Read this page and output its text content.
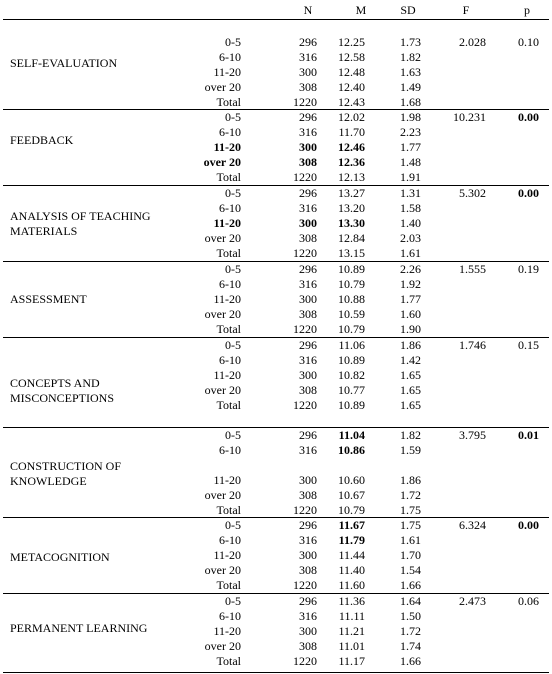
N	M	SD	F	p
SELF-EVALUATION
0-5	296 12.25	1.73	2.028	0.10
6-10	316 12.58	1.82
11-20	300 12.48	1.63
over 20	308 12.40	1.49
Total	1220 12.43	1.68
FEEDBACK
0-5	296 12.02	1.98	10.231	0.00
6-10	316 11.70	2.23
11-20	300 12.46	1.77
over 20	308 12.36	1.48
Total	1220 12.13	1.91
ANALYSIS OF TEACHING MATERIALS
0-5	296 13.27	1.31	5.302	0.00
6-10	316 13.20	1.58
11-20	300 13.30	1.40
over 20	308 12.84	2.03
Total	1220 13.15	1.61
ASSESSMENT
0-5	296 10.89	2.26	1.555	0.19
6-10	316 10.79	1.92
11-20	300 10.88	1.77
over 20	308 10.59	1.60
Total	1220 10.79	1.90
CONCEPTS AND MISCONCEPTIONS
0-5	296 11.06	1.86	1.746	0.15
6-10	316 10.89	1.42
11-20	300 10.82	1.65
over 20	308 10.77	1.65
Total	1220 10.89	1.65
CONSTRUCTION OF KNOWLEDGE
0-5	296 11.04	1.82	3.795	0.01
6-10	316 10.86	1.59
11-20	300 10.60	1.86
over 20	308 10.67	1.72
Total	1220 10.79	1.75
METACOGNITION
0-5	296 11.67	1.75	6.324	0.00
6-10	316 11.79	1.61
11-20	300 11.44	1.70
over 20	308 11.40	1.54
Total	1220 11.60	1.66
PERMANENT LEARNING
0-5	296 11.36	1.64	2.473	0.06
6-10	316 11.11	1.50
11-20	300 11.21	1.72
over 20	308 11.01	1.74
Total	1220 11.17	1.66
